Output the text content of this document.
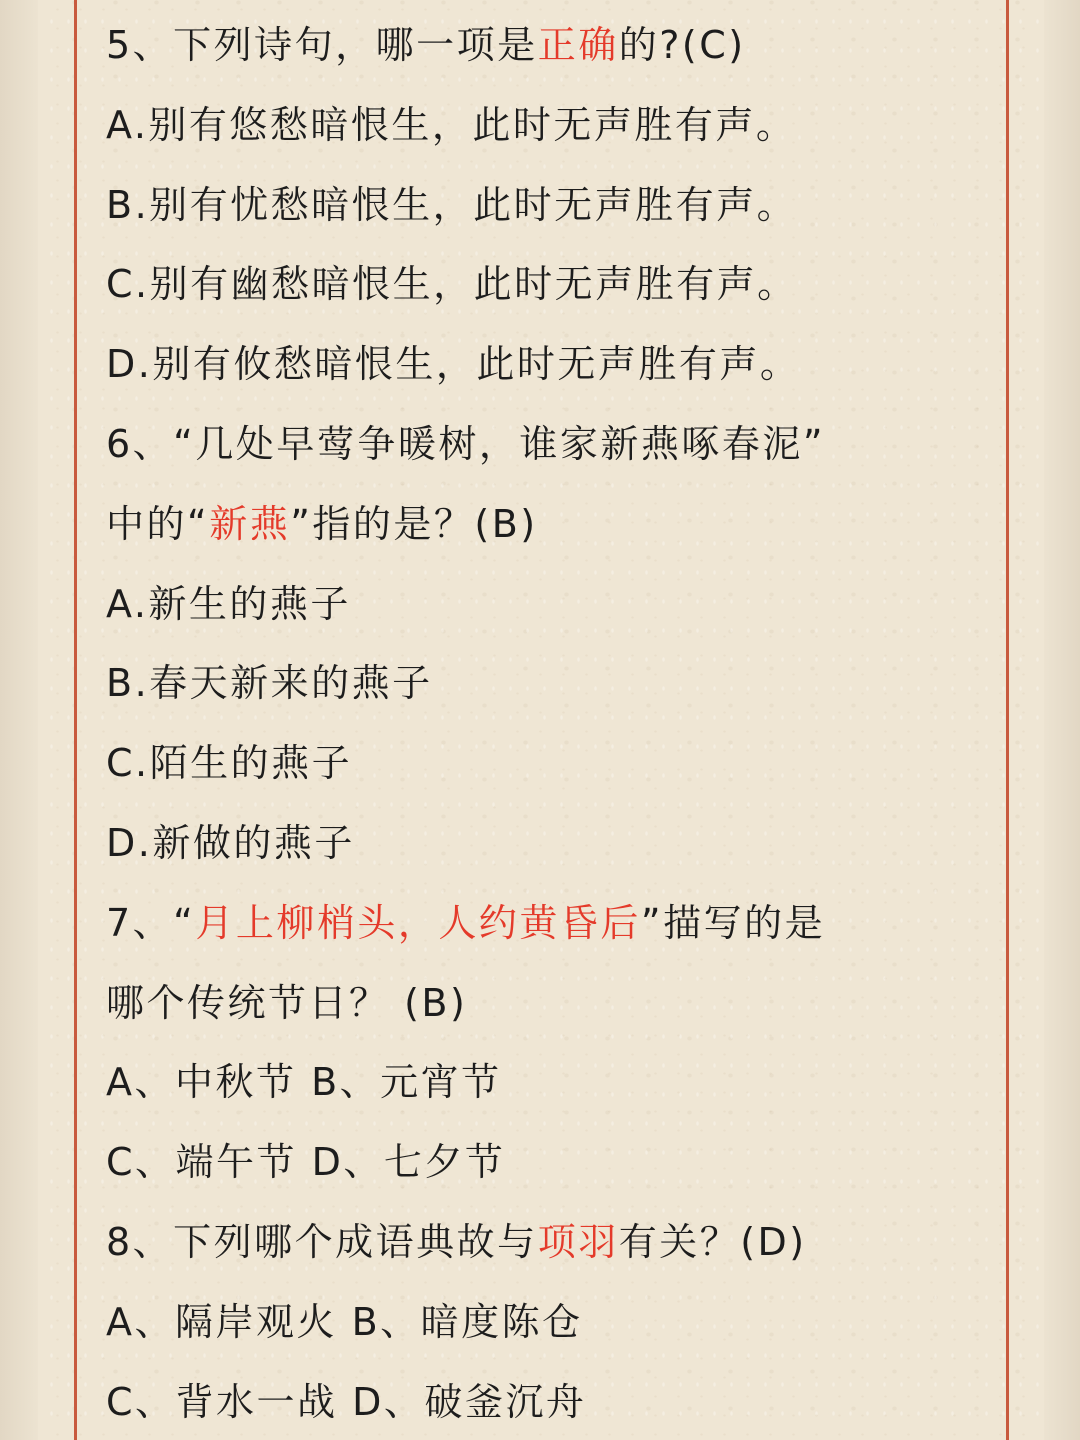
5、下列诗句，哪一项是正确的?(C)
A.别有悠愁暗恨生，此时无声胜有声。
B.别有忧愁暗恨生，此时无声胜有声。
C.别有幽愁暗恨生，此时无声胜有声。
D.别有攸愁暗恨生，此时无声胜有声。
6、“几处早莺争暖树，谁家新燕啄春泥”
中的“新燕”指的是？(B)
A.新生的燕子
B.春天新来的燕子
C.陌生的燕子
D.新做的燕子
7、“月上柳梢头，人约黄昏后”描写的是
哪个传统节日？ (B)
A、中秋节 B、元宵节
C、端午节 D、七夕节
8、下列哪个成语典故与项羽有关？(D)
A、隔岸观火 B、暗度陈仓
C、背水一战 D、破釜沉舟
